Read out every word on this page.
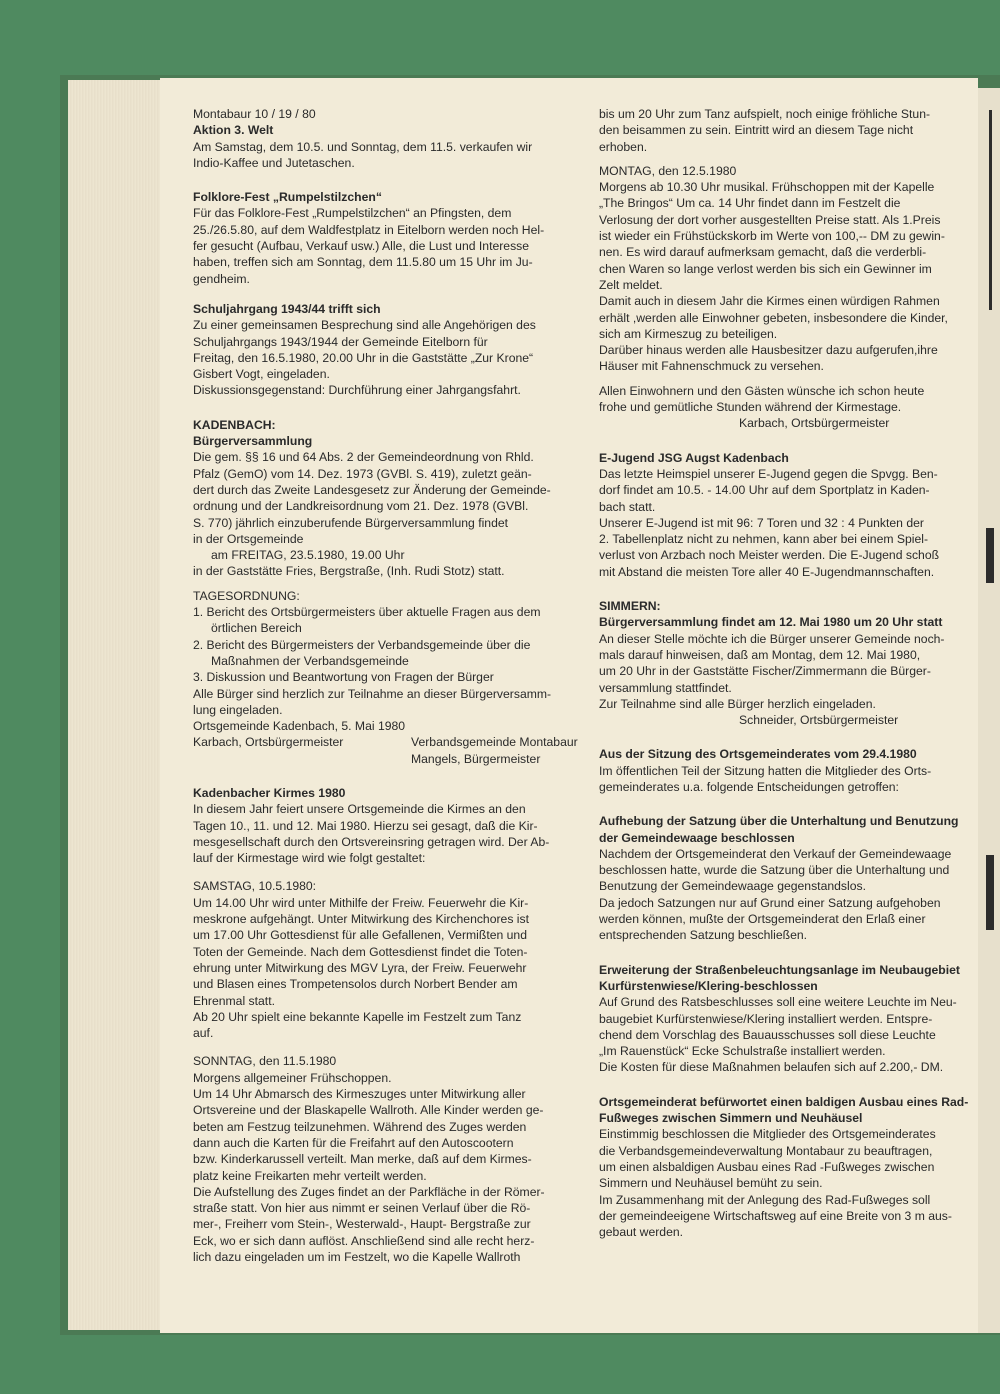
Montabaur 10 / 19 / 80
Aktion 3. Welt
Am Samstag, dem 10.5. und Sonntag, dem 11.5. verkaufen wir
Indio-Kaffee und Jutetaschen.
Folklore-Fest „Rumpelstilzchen“
Für das Folklore-Fest „Rumpelstilzchen“ an Pfingsten, dem
25./26.5.80, auf dem Waldfestplatz in Eitelborn werden noch Hel-
fer gesucht (Aufbau, Verkauf usw.) Alle, die Lust und Interesse
haben, treffen sich am Sonntag, dem 11.5.80 um 15 Uhr im Ju-
gendheim.
Schuljahrgang 1943/44 trifft sich
Zu einer gemeinsamen Besprechung sind alle Angehörigen des
Schuljahrgangs 1943/1944 der Gemeinde Eitelborn für
Freitag, den 16.5.1980, 20.00 Uhr in die Gaststätte „Zur Krone“
Gisbert Vogt, eingeladen.
Diskussionsgegenstand: Durchführung einer Jahrgangsfahrt.
KADENBACH:
Bürgerversammlung
Die gem. §§ 16 und 64 Abs. 2 der Gemeindeordnung von Rhld.
Pfalz (GemO) vom 14. Dez. 1973 (GVBl. S. 419), zuletzt geän-
dert durch das Zweite Landesgesetz zur Änderung der Gemeinde-
ordnung und der Landkreisordnung vom 21. Dez. 1978 (GVBl.
S. 770) jährlich einzuberufende Bürgerversammlung findet
in der Ortsgemeinde
am FREITAG, 23.5.1980, 19.00 Uhr
in der Gaststätte Fries, Bergstraße, (Inh. Rudi Stotz) statt.
TAGESORDNUNG:
1. Bericht des Ortsbürgermeisters über aktuelle Fragen aus dem
örtlichen Bereich
2. Bericht des Bürgermeisters der Verbandsgemeinde über die
Maßnahmen der Verbandsgemeinde
3. Diskussion und Beantwortung von Fragen der Bürger
Alle Bürger sind herzlich zur Teilnahme an dieser Bürgerversamm-
lung eingeladen.
Ortsgemeinde Kadenbach, 5. Mai 1980
Karbach, Ortsbürgermeister	Verbandsgemeinde Montabaur
Mangels, Bürgermeister
Kadenbacher Kirmes 1980
In diesem Jahr feiert unsere Ortsgemeinde die Kirmes an den
Tagen 10., 11. und 12. Mai 1980. Hierzu sei gesagt, daß die Kir-
mesgesellschaft durch den Ortsvereinsring getragen wird. Der Ab-
lauf der Kirmestage wird wie folgt gestaltet:
SAMSTAG, 10.5.1980:
Um 14.00 Uhr wird unter Mithilfe der Freiw. Feuerwehr die Kir-
meskrone aufgehängt. Unter Mitwirkung des Kirchenchores ist
um 17.00 Uhr Gottesdienst für alle Gefallenen, Vermißten und
Toten der Gemeinde. Nach dem Gottesdienst findet die Toten-
ehrung unter Mitwirkung des MGV Lyra, der Freiw. Feuerwehr
und Blasen eines Trompetensolos durch Norbert Bender am
Ehrenmal statt.
Ab 20 Uhr spielt eine bekannte Kapelle im Festzelt zum Tanz
auf.
SONNTAG, den 11.5.1980
Morgens allgemeiner Frühschoppen.
Um 14 Uhr Abmarsch des Kirmeszuges unter Mitwirkung aller
Ortsvereine und der Blaskapelle Wallroth. Alle Kinder werden ge-
beten am Festzug teilzunehmen. Während des Zuges werden
dann auch die Karten für die Freifahrt auf den Autoscootern
bzw. Kinderkarussell verteilt. Man merke, daß auf dem Kirmes-
platz keine Freikarten mehr verteilt werden.
Die Aufstellung des Zuges findet an der Parkfläche in der Römer-
straße statt. Von hier aus nimmt er seinen Verlauf über die Rö-
mer-, Freiherr vom Stein-, Westerwald-, Haupt- Bergstraße zur
Eck, wo er sich dann auflöst. Anschließend sind alle recht herz-
lich dazu eingeladen um im Festzelt, wo die Kapelle Wallroth
bis um 20 Uhr zum Tanz aufspielt, noch einige fröhliche Stun-
den beisammen zu sein. Eintritt wird an diesem Tage nicht
erhoben.
MONTAG, den 12.5.1980
Morgens ab 10.30 Uhr musikal. Frühschoppen mit der Kapelle
„The Bringos“ Um ca. 14 Uhr findet dann im Festzelt die
Verlosung der dort vorher ausgestellten Preise statt. Als 1.Preis
ist wieder ein Frühstückskorb im Werte von 100,-- DM zu gewin-
nen. Es wird darauf aufmerksam gemacht, daß die verderbli-
chen Waren so lange verlost werden bis sich ein Gewinner im
Zelt meldet.
Damit auch in diesem Jahr die Kirmes einen würdigen Rahmen
erhält ,werden alle Einwohner gebeten, insbesondere die Kinder,
sich am Kirmeszug zu beteiligen.
Darüber hinaus werden alle Hausbesitzer dazu aufgerufen,ihre
Häuser mit Fahnenschmuck zu versehen.
Allen Einwohnern und den Gästen wünsche ich schon heute
frohe und gemütliche Stunden während der Kirmestage.
Karbach, Ortsbürgermeister
E-Jugend JSG Augst Kadenbach
Das letzte Heimspiel unserer E-Jugend gegen die Spvgg. Ben-
dorf findet am 10.5. - 14.00 Uhr auf dem Sportplatz in Kaden-
bach statt.
Unserer E-Jugend ist mit 96: 7 Toren und 32 : 4 Punkten der
2. Tabellenplatz nicht zu nehmen, kann aber bei einem Spiel-
verlust von Arzbach noch Meister werden. Die E-Jugend schoß
mit Abstand die meisten Tore aller 40 E-Jugendmannschaften.
SIMMERN:
Bürgerversammlung findet am 12. Mai 1980 um 20 Uhr statt
An dieser Stelle möchte ich die Bürger unserer Gemeinde noch-
mals darauf hinweisen, daß am Montag, dem 12. Mai 1980,
um 20 Uhr in der Gaststätte Fischer/Zimmermann die Bürger-
versammlung stattfindet.
Zur Teilnahme sind alle Bürger herzlich eingeladen.
Schneider, Ortsbürgermeister
Aus der Sitzung des Ortsgemeinderates vom 29.4.1980
Im öffentlichen Teil der Sitzung hatten die Mitglieder des Orts-
gemeinderates u.a. folgende Entscheidungen getroffen:
Aufhebung der Satzung über die Unterhaltung und Benutzung
der Gemeindewaage beschlossen
Nachdem der Ortsgemeinderat den Verkauf der Gemeindewaage
beschlossen hatte, wurde die Satzung über die Unterhaltung und
Benutzung der Gemeindewaage gegenstandslos.
Da jedoch Satzungen nur auf Grund einer Satzung aufgehoben
werden können, mußte der Ortsgemeinderat den Erlaß einer
entsprechenden Satzung beschließen.
Erweiterung der Straßenbeleuchtungsanlage im Neubaugebiet
Kurfürstenwiese/Klering-beschlossen
Auf Grund des Ratsbeschlusses soll eine weitere Leuchte im Neu-
baugebiet Kurfürstenwiese/Klering installiert werden. Entspre-
chend dem Vorschlag des Bauausschusses soll diese Leuchte
„Im Rauenstück“ Ecke Schulstraße installiert werden.
Die Kosten für diese Maßnahmen belaufen sich auf 2.200,- DM.
Ortsgemeinderat befürwortet einen baldigen Ausbau eines Rad-
Fußweges zwischen Simmern und Neuhäusel
Einstimmig beschlossen die Mitglieder des Ortsgemeinderates
die Verbandsgemeindeverwaltung Montabaur zu beauftragen,
um einen alsbaldigen Ausbau eines Rad -Fußweges zwischen
Simmern und Neuhäusel bemüht zu sein.
Im Zusammenhang mit der Anlegung des Rad-Fußweges soll
der gemeindeeigene Wirtschaftsweg auf eine Breite von 3 m aus-
gebaut werden.
